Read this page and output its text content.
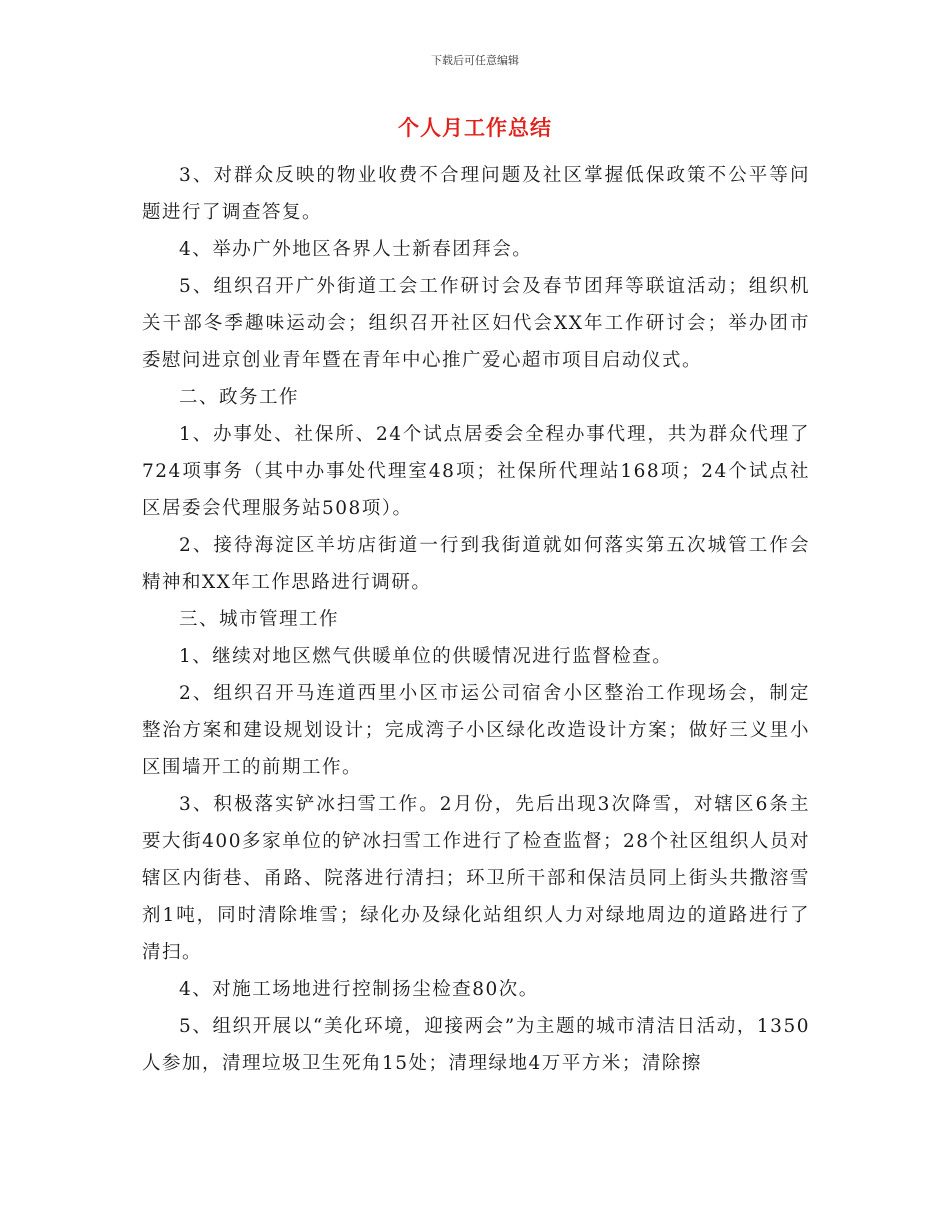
下载后可任意编辑
个人月工作总结

3、对群众反映的物业收费不合理问题及社区掌握低保政策不公平等问题进行了调查答复。

4、举办广外地区各界人士新春团拜会。

5、组织召开广外街道工会工作研讨会及春节团拜等联谊活动；组织机关干部冬季趣味运动会；组织召开社区妇代会XX年工作研讨会；举办团市委慰问进京创业青年暨在青年中心推广爱心超市项目启动仪式。

二、政务工作

1、办事处、社保所、24个试点居委会全程办事代理，共为群众代理了724项事务（其中办事处代理室48项；社保所代理站168项；24个试点社区居委会代理服务站508项）。

2、接待海淀区羊坊店街道一行到我街道就如何落实第五次城管工作会精神和XX年工作思路进行调研。

三、城市管理工作

1、继续对地区燃气供暖单位的供暖情况进行监督检查。

2、组织召开马连道西里小区市运公司宿舍小区整治工作现场会，制定整治方案和建设规划设计；完成湾子小区绿化改造设计方案；做好三义里小区围墙开工的前期工作。

3、积极落实铲冰扫雪工作。2月份，先后出现3次降雪，对辖区6条主要大街400多家单位的铲冰扫雪工作进行了检查监督；28个社区组织人员对辖区内街巷、甬路、院落进行清扫；环卫所干部和保洁员同上街头共撒溶雪剂1吨，同时清除堆雪；绿化办及绿化站组织人力对绿地周边的道路进行了清扫。

4、对施工场地进行控制扬尘检查80次。

5、组织开展以“美化环境，迎接两会”为主题的城市清洁日活动，1350人参加，清理垃圾卫生死角15处；清理绿地4万平方米；清除擦
